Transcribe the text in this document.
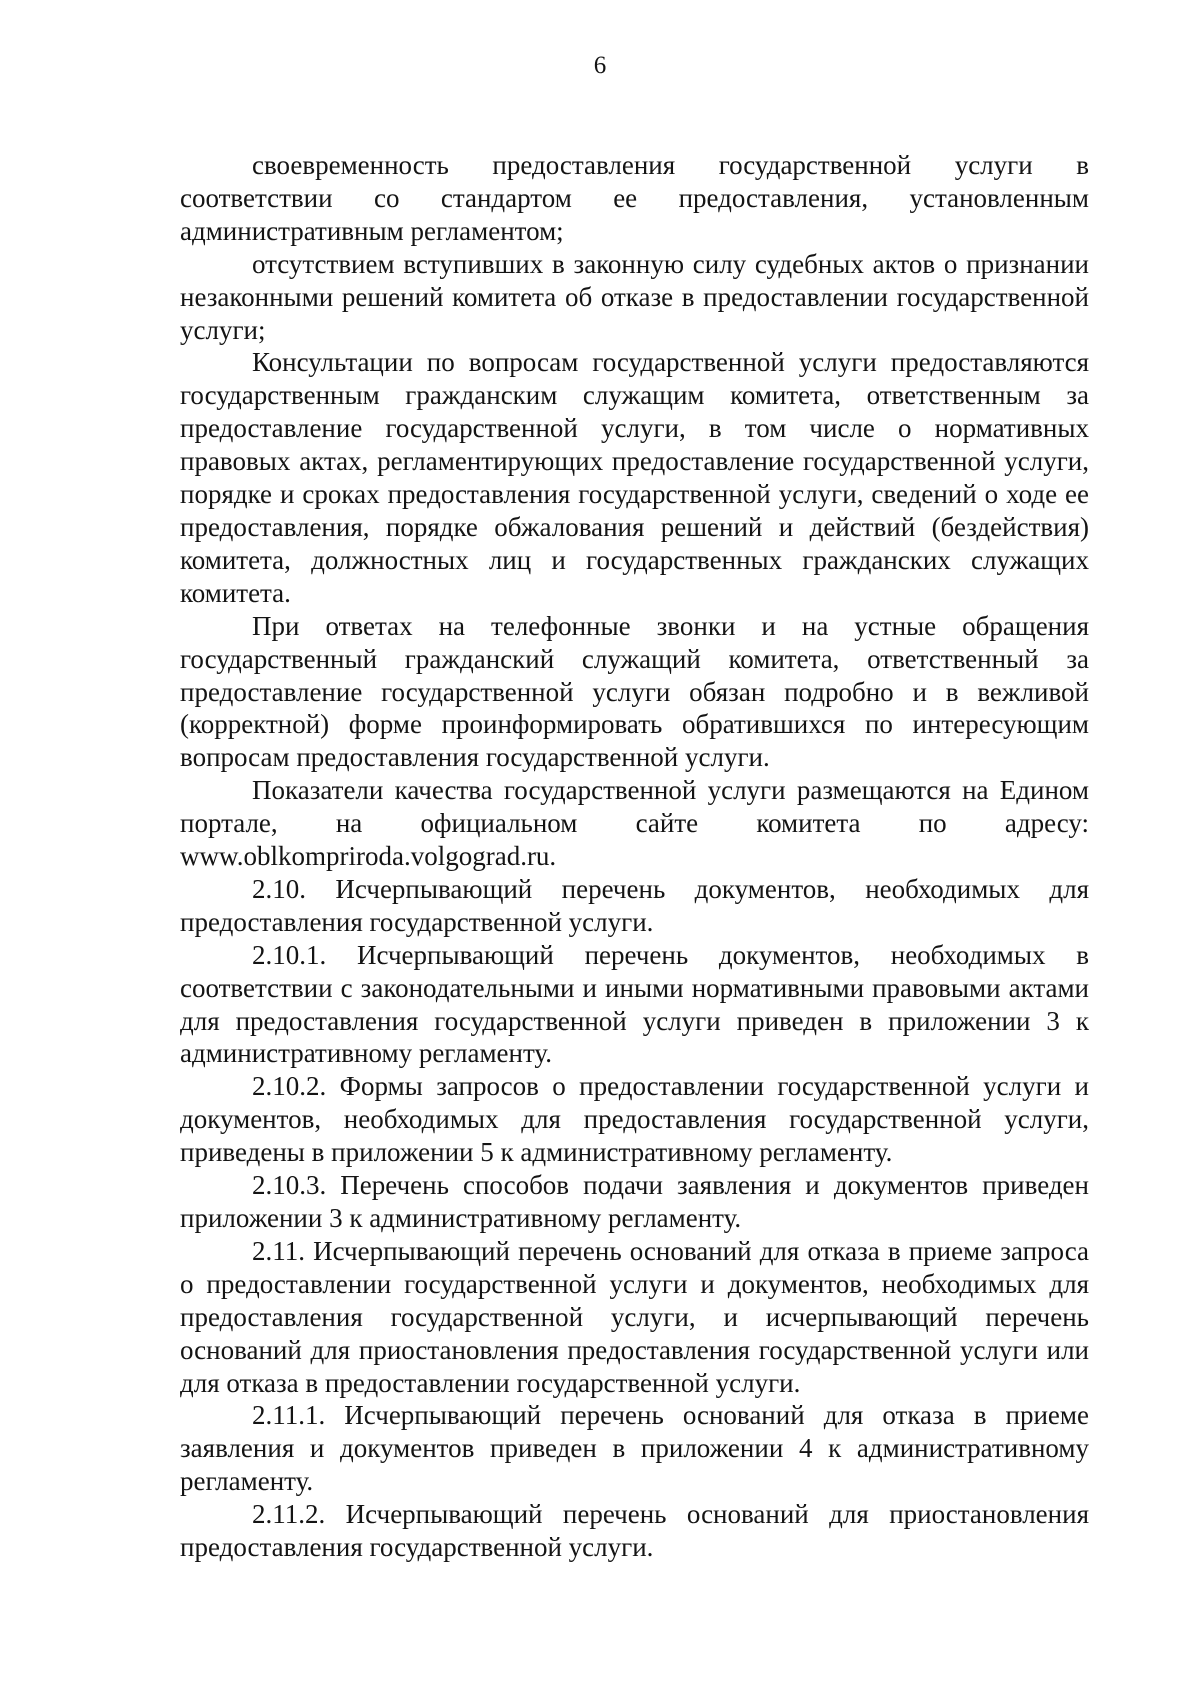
6

своевременность предоставления государственной услуги в соответствии со стандартом ее предоставления, установленным административным регламентом;

отсутствием вступивших в законную силу судебных актов о признании незаконными решений комитета об отказе в предоставлении государственной услуги;

Консультации по вопросам государственной услуги предоставляются государственным гражданским служащим комитета, ответственным за предоставление государственной услуги, в том числе о нормативных правовых актах, регламентирующих предоставление государственной услуги, порядке и сроках предоставления государственной услуги, сведений о ходе ее предоставления, порядке обжалования решений и действий (бездействия) комитета, должностных лиц и государственных гражданских служащих комитета.

При ответах на телефонные звонки и на устные обращения государственный гражданский служащий комитета, ответственный за предоставление государственной услуги обязан подробно и в вежливой (корректной) форме проинформировать обратившихся по интересующим вопросам предоставления государственной услуги.

Показатели качества государственной услуги размещаются на Едином портале, на официальном сайте комитета по адресу: www.oblkompriroda.volgograd.ru.

2.10. Исчерпывающий перечень документов, необходимых для предоставления государственной услуги.

2.10.1. Исчерпывающий перечень документов, необходимых в соответствии с законодательными и иными нормативными правовыми актами для предоставления государственной услуги приведен в приложении 3 к административному регламенту.

2.10.2. Формы запросов о предоставлении государственной услуги и документов, необходимых для предоставления государственной услуги, приведены в приложении 5 к административному регламенту.

2.10.3. Перечень способов подачи заявления и документов приведен приложении 3 к административному регламенту.

2.11. Исчерпывающий перечень оснований для отказа в приеме запроса о предоставлении государственной услуги и документов, необходимых для предоставления государственной услуги, и исчерпывающий перечень оснований для приостановления предоставления государственной услуги или для отказа в предоставлении государственной услуги.

2.11.1. Исчерпывающий перечень оснований для отказа в приеме заявления и документов приведен в приложении 4 к административному регламенту.

2.11.2. Исчерпывающий перечень оснований для приостановления предоставления государственной услуги.
